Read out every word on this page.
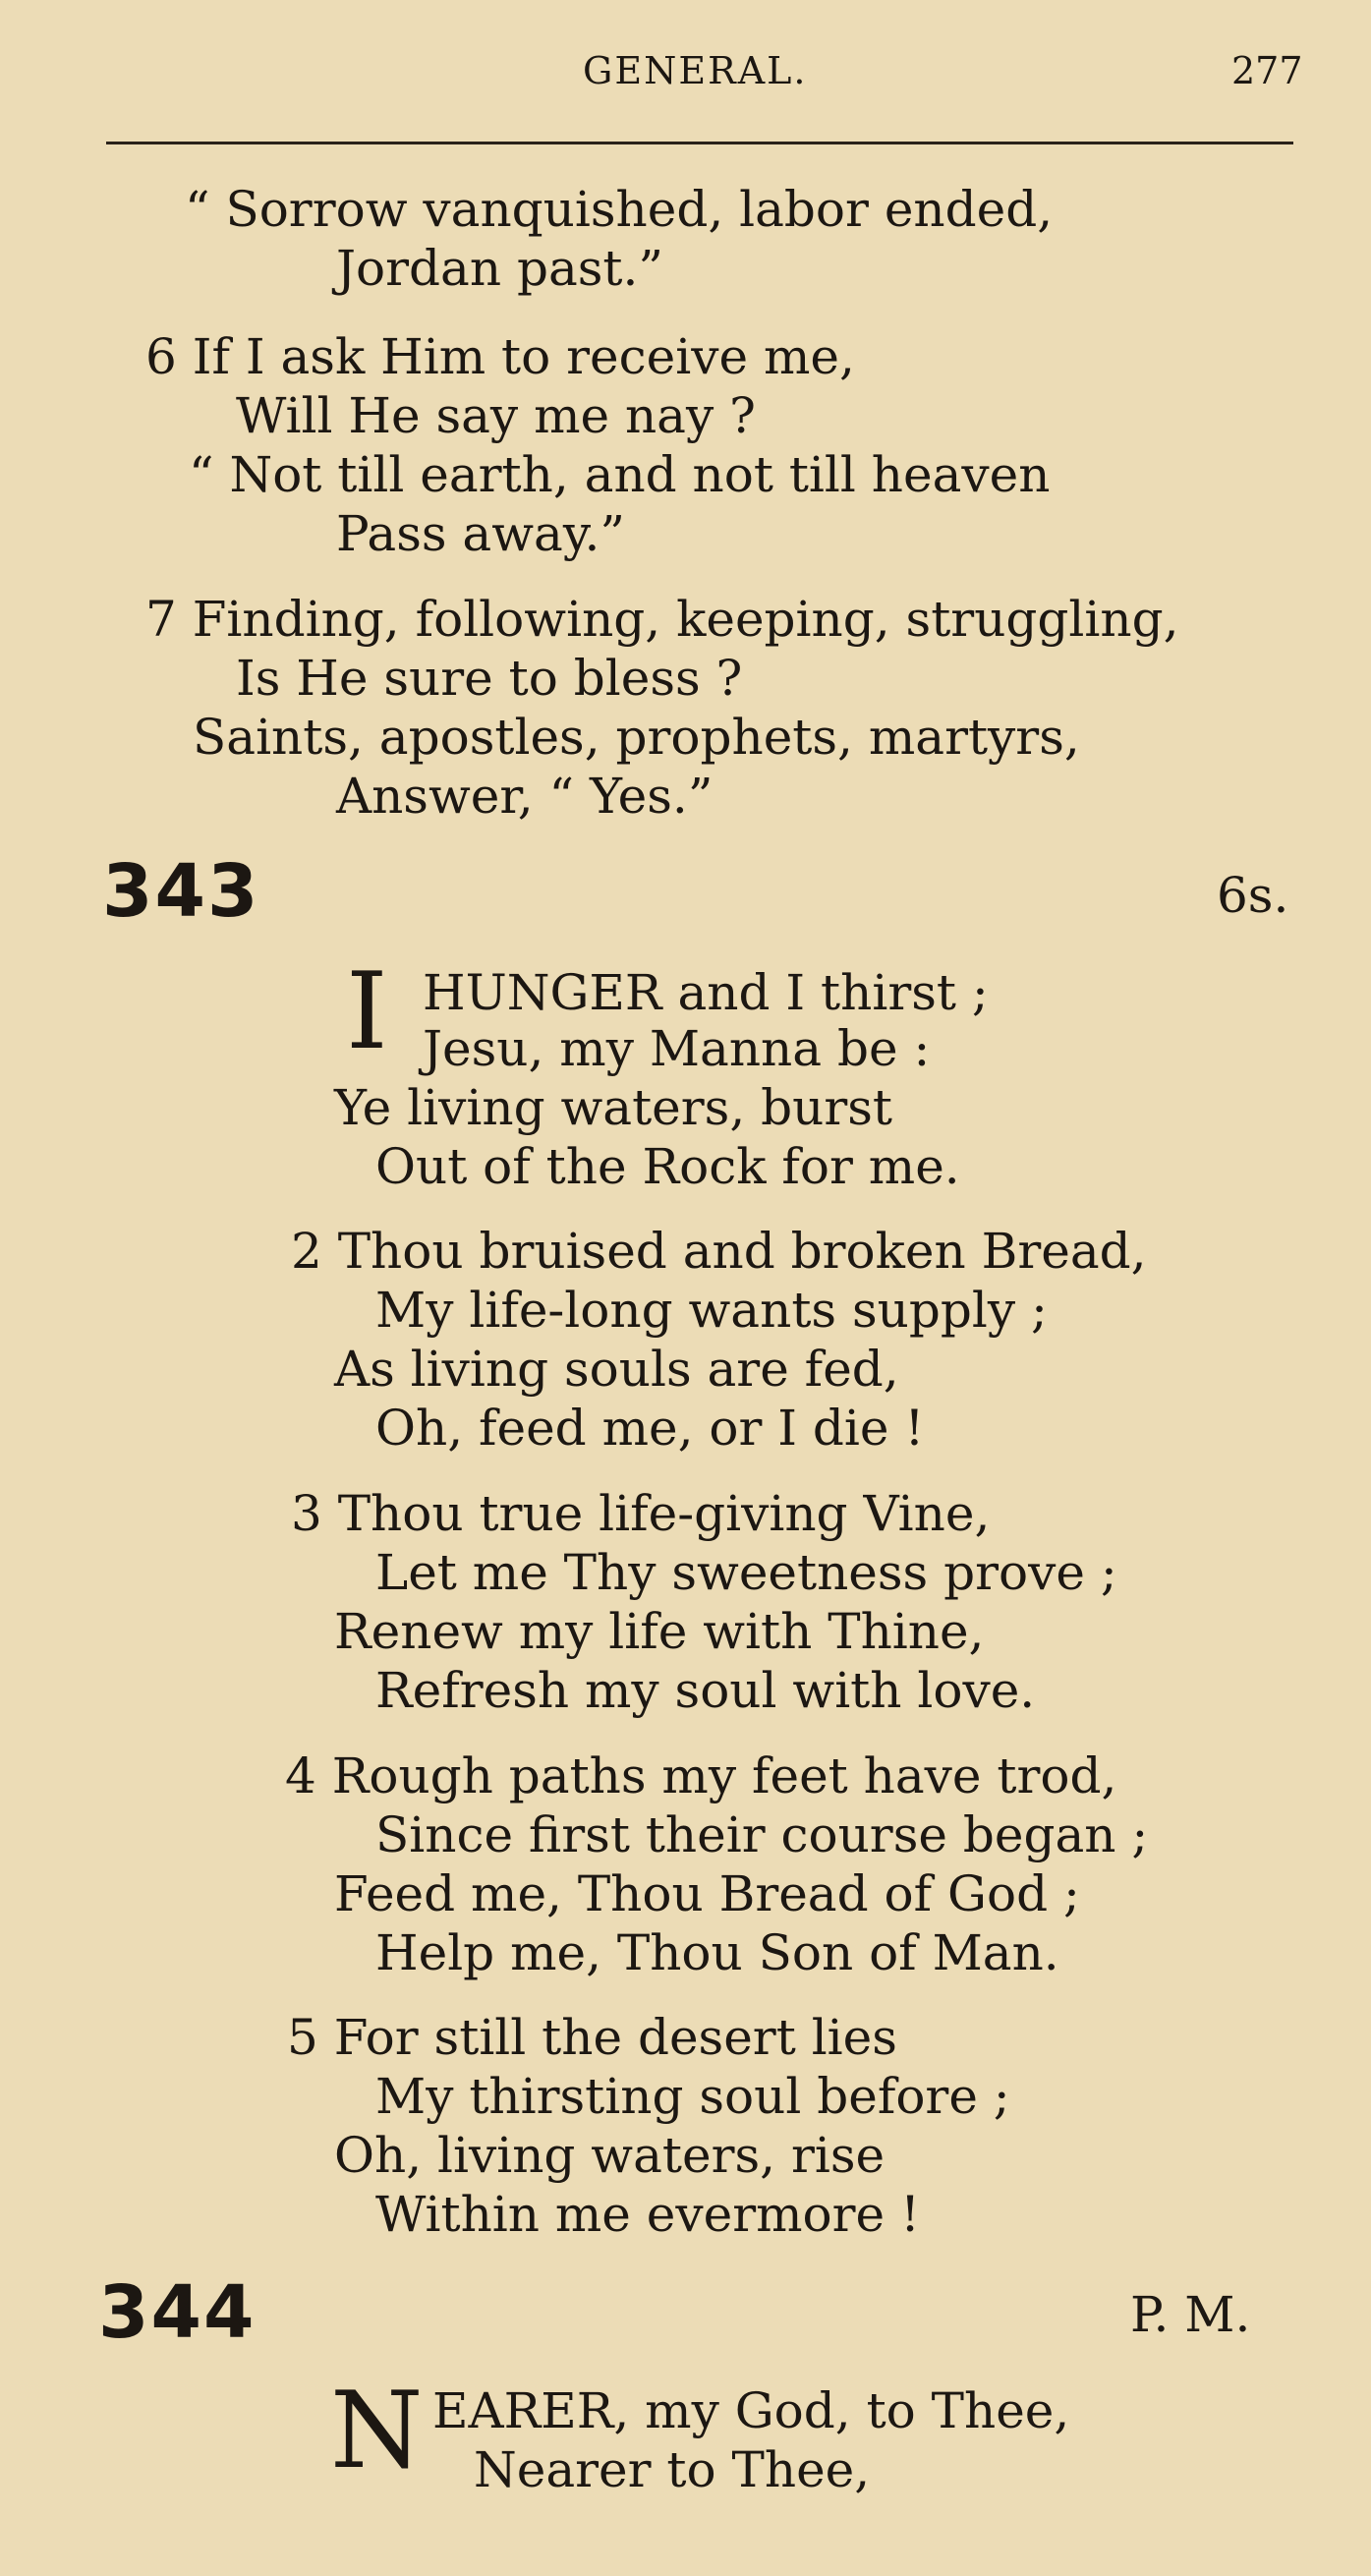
GENERAL.	277
“ Sorrow vanquished, labor ended,
Jordan past.”
6 If I ask Him to receive me,
Will He say me nay ?
“ Not till earth, and not till heaven
Pass away.”
7 Finding, following, keeping, struggling,
Is He sure to bless ?
Saints, apostles, prophets, martyrs,
Answer, “ Yes.”
343	6s.
I HUNGER and I thirst ;
Jesu, my Manna be :
Ye living waters, burst
Out of the Rock for me.
2 Thou bruised and broken Bread,
My life-long wants supply ;
As living souls are fed,
Oh, feed me, or I die !
3 Thou true life-giving Vine,
Let me Thy sweetness prove ;
Renew my life with Thine,
Refresh my soul with love.
4 Rough paths my feet have trod,
Since first their course began ;
Feed me, Thou Bread of God ;
Help me, Thou Son of Man.
5 For still the desert lies
My thirsting soul before ;
Oh, living waters, rise
Within me evermore !
344	P. M.
N EARER, my God, to Thee,
Nearer to Thee,
